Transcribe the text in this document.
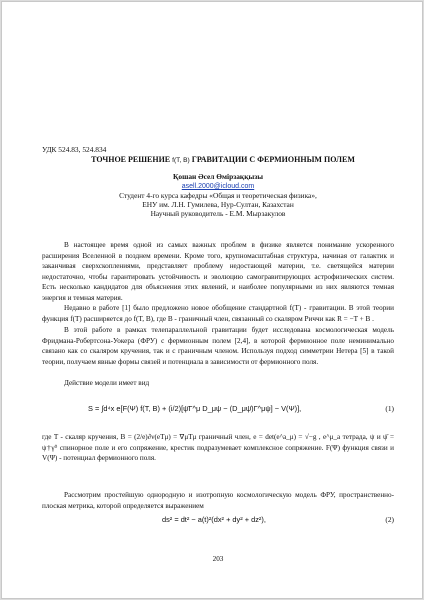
УДК 524.83, 524.834
ТОЧНОЕ РЕШЕНИЕ f(T, B) ГРАВИТАЦИИ С ФЕРМИОННЫМ ПОЛЕМ
Қошан Әсел Өмірзаққызы
asell.2000@icloud.com
Студент 4-го курса кафедры «Общая и теоретическая физика»,
ЕНУ им. Л.Н. Гумилева, Нур-Султан, Казахстан
Научный руководитель - Е.М. Мырзакулов

В настоящее время одной из самых важных проблем в физике является понимание ускоренного расширения Вселенной в позднем времени. Кроме того, крупномасштабная структура, начиная от галактик и заканчивая сверхскоплениями, представляет проблему недостающей материи, т.е. светящейся материи недостаточно, чтобы гарантировать устойчивость и эволюцию самогравитирующих астрофизических систем. Есть несколько кандидатов для объяснения этих явлений, и наиболее популярными из них являются темная энергия и темная материя.

Недавно в работе [1] было предложено новое обобщение стандартной f(T) - гравитации. В этой теории функция f(T) расширяется до f(T, B), где B - граничный член, связанный со скаляром Риччи как R = −T + B .

В этой работе в рамках телепараллельной гравитации будет исследована космологическая модель Фридмана-Робертсона-Уокера (ФРУ) с фермионным полем [2,4], в которой фермионное поле неминимально связано как со скаляром кручения, так и с граничным членом. Используя подход симметрии Нетера [5] в такой теории, получаем явные формы связей и потенциала в зависимости от фермионного поля.

Действие модели имеет вид

S = ∫d⁴x e[F(Ψ) f(T, B) + (i/2)[ψ̄Γ^μ D_μψ − (D_μψ̄)Γ^μψ] − V(Ψ)],	(1)

где T - скаляр кручения, B = (2/e)∂ν(eTμ) = ∇μTμ граничный член, e = det(e^a_μ) = √−g , e^μ_a тетрада, ψ и ψ̄ = ψ†γ⁰ спинорное поле и его сопряжение, крестик подразумевает комплексное сопряжение. F(Ψ) функция связи и V(Ψ) - потенциал фермионного поля.

Рассмотрим простейшую однородную и изотропную космологическую модель ФРУ, пространственно-плоская метрика, которой определяется выражением

ds² = dt² − a(t)²(dx² + dy² + dz²),	(2)
203
